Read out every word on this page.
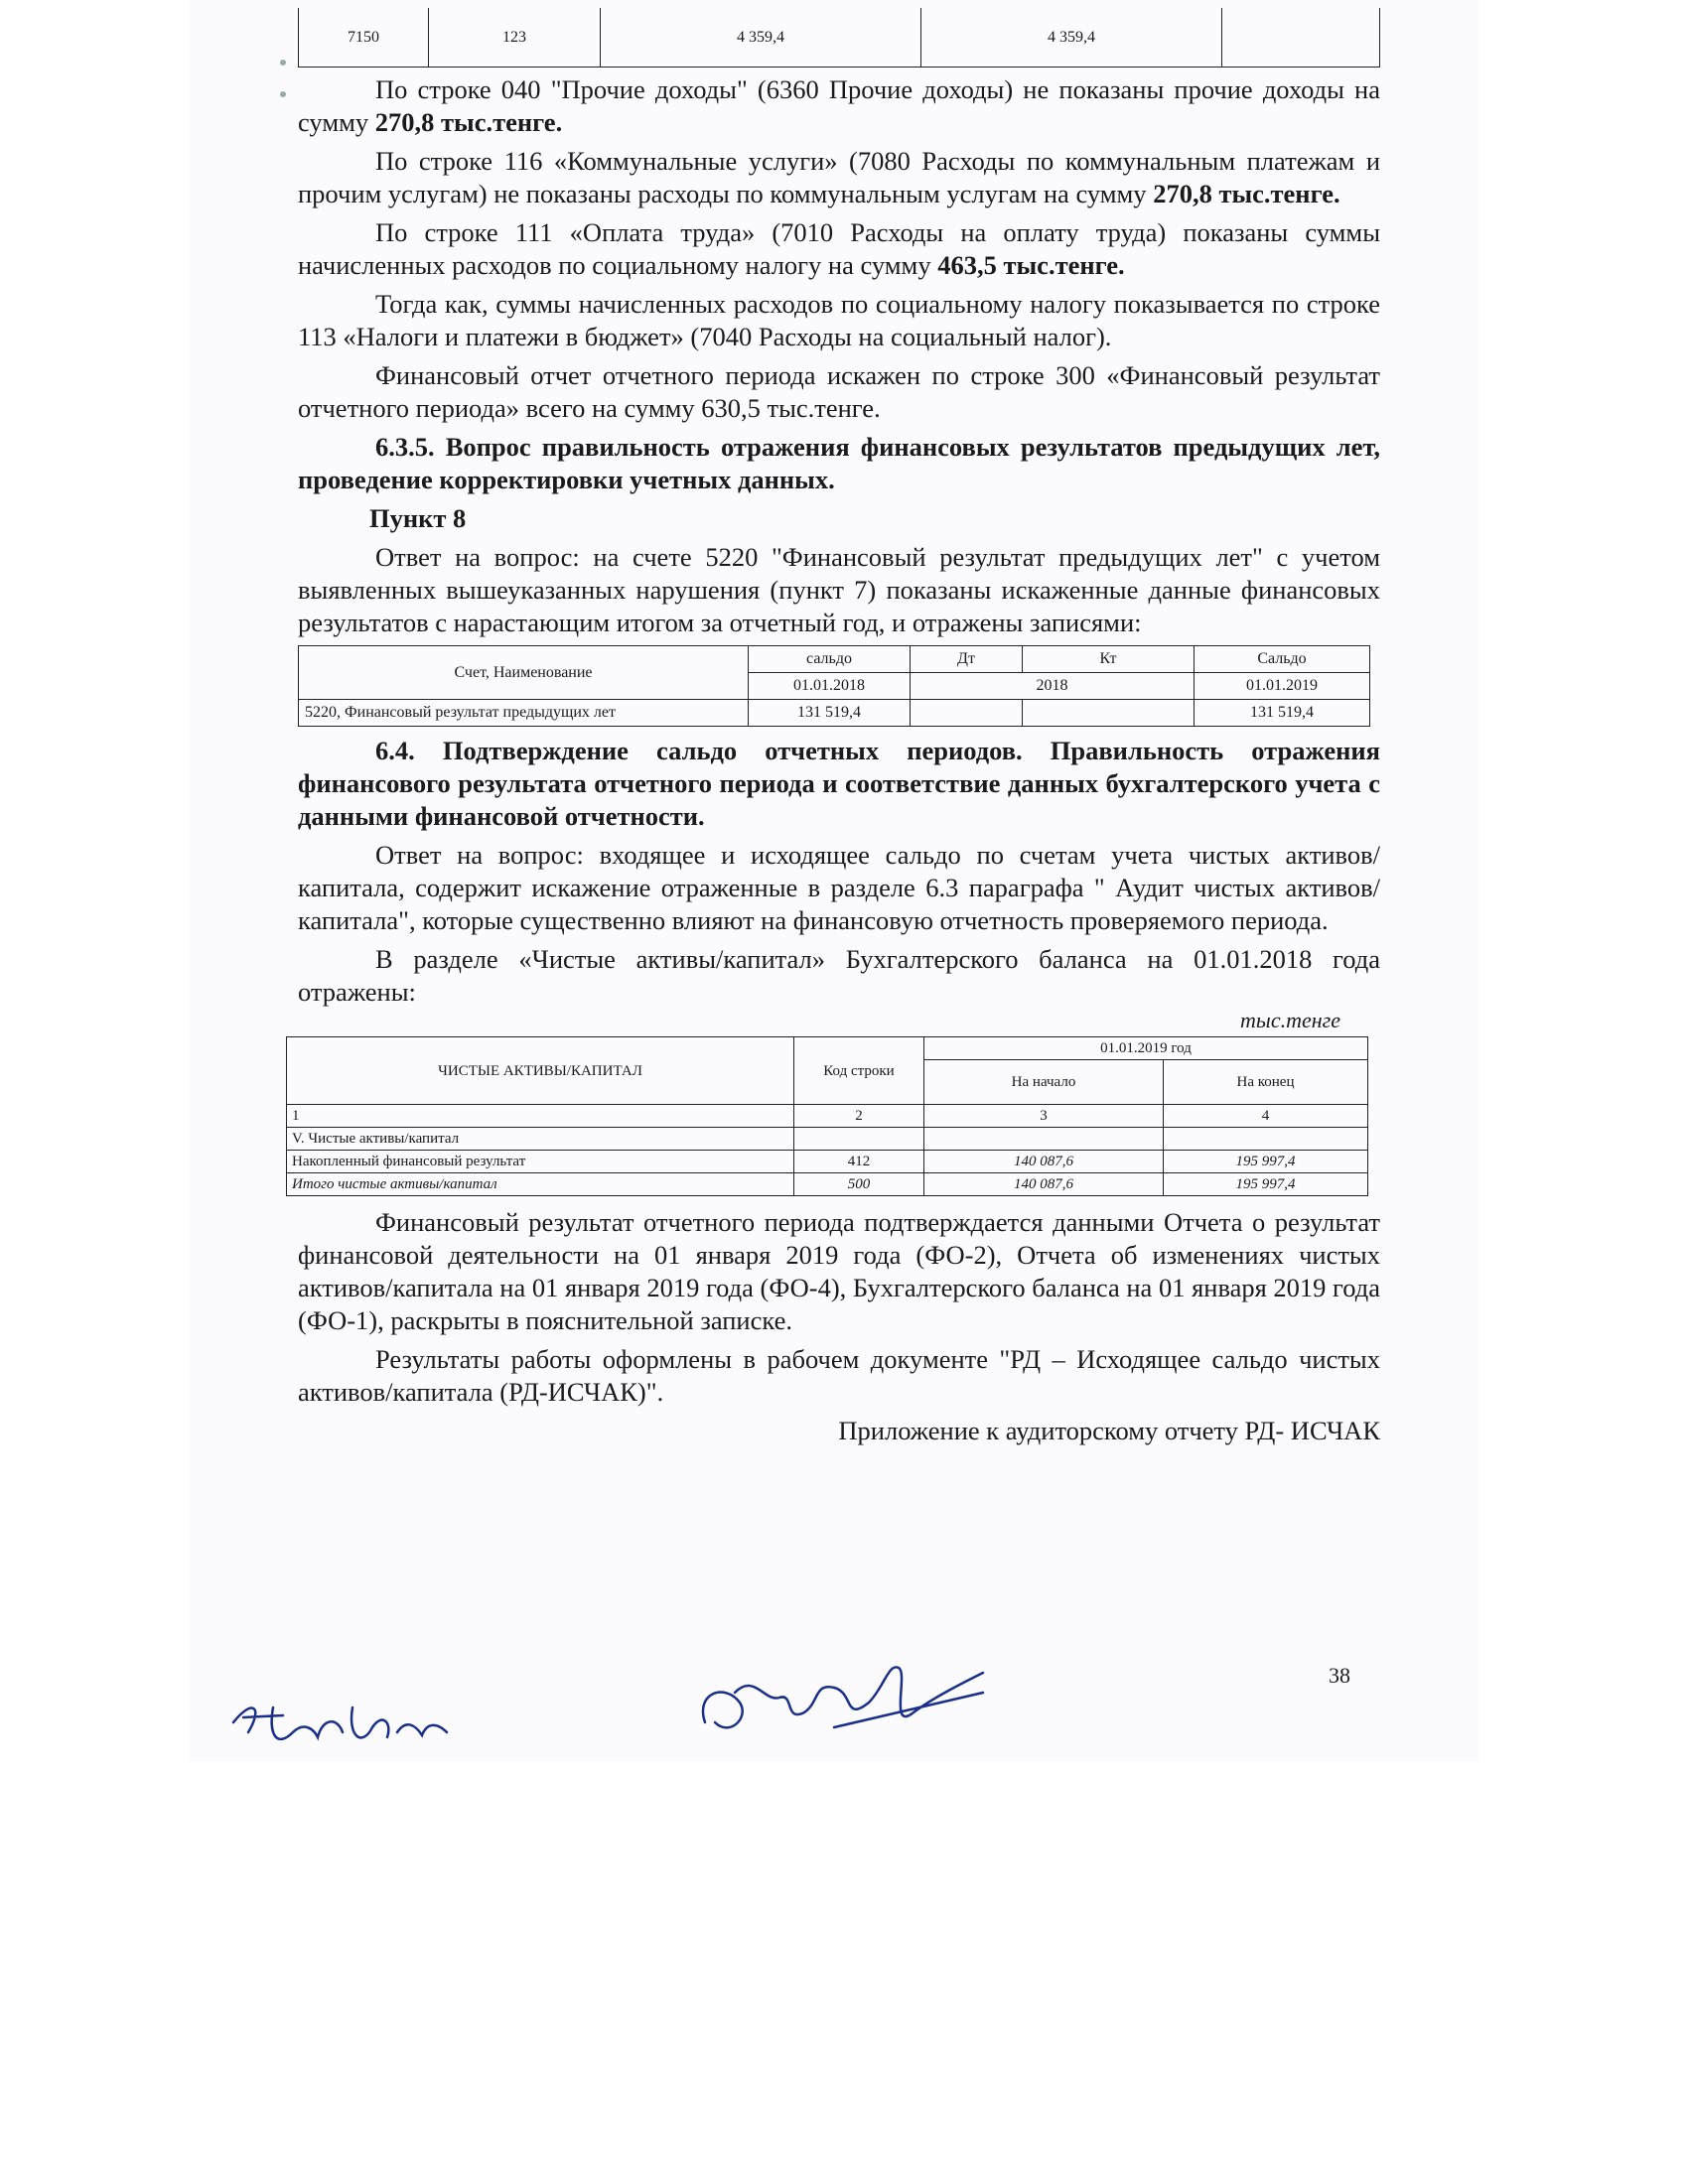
7150	123	4 359,4	4 359,4	

По строке 040 "Прочие доходы" (6360 Прочие доходы) не показаны прочие доходы на сумму 270,8 тыс.тенге.

По строке 116 «Коммунальные услуги» (7080 Расходы по коммунальным платежам и прочим услугам) не показаны расходы по коммунальным услугам на сумму 270,8 тыс.тенге.

По строке 111 «Оплата труда» (7010 Расходы на оплату труда) показаны суммы начисленных расходов по социальному налогу на сумму 463,5 тыс.тенге.

Тогда как, суммы начисленных расходов по социальному налогу показывается по строке 113 «Налоги и платежи в бюджет» (7040 Расходы на социальный налог).

Финансовый отчет отчетного периода искажен по строке 300 «Финансовый результат отчетного периода» всего на сумму 630,5 тыс.тенге.

6.3.5. Вопрос правильность отражения финансовых результатов предыдущих лет, проведение корректировки учетных данных.

Пункт 8

Ответ на вопрос: на счете 5220 "Финансовый результат предыдущих лет" с учетом выявленных вышеуказанных нарушения (пункт 7) показаны искаженные данные финансовых результатов с нарастающим итогом за отчетный год, и отражены записями:

Счет, Наименование	сальдо	Дт	Кт	Сальдо
	01.01.2018	2018		01.01.2019
5220, Финансовый результат предыдущих лет	131 519,4			131 519,4

6.4. Подтверждение сальдо отчетных периодов. Правильность отражения финансового результата отчетного периода и соответствие данных бухгалтерского учета с данными финансовой отчетности.

Ответ на вопрос: входящее и исходящее сальдо по счетам учета чистых активов/капитала, содержит искажение отраженные в разделе 6.3 параграфа " Аудит чистых активов/капитала", которые существенно влияют на финансовую отчетность проверяемого периода.

В разделе «Чистые активы/капитал» Бухгалтерского баланса на 01.01.2018 года отражены:

тыс.тенге
ЧИСТЫЕ АКТИВЫ/КАПИТАЛ	Код строки	01.01.2019 год	
		На начало	На конец
1	2	3	4
V. Чистые активы/капитал			
Накопленный финансовый результат	412	140 087,6	195 997,4
Итого чистые активы/капитал	500	140 087,6	195 997,4

Финансовый результат отчетного периода подтверждается данными Отчета о результат финансовой деятельности на 01 января 2019 года (ФО-2), Отчета об изменениях чистых активов/капитала на 01 января 2019 года (ФО-4), Бухгалтерского баланса на 01 января 2019 года (ФО-1), раскрыты в пояснительной записке.

Результаты работы оформлены в рабочем документе "РД – Исходящее сальдо чистых активов/капитала (РД-ИСЧАК)".

Приложение к аудиторскому отчету РД- ИСЧАК

38
